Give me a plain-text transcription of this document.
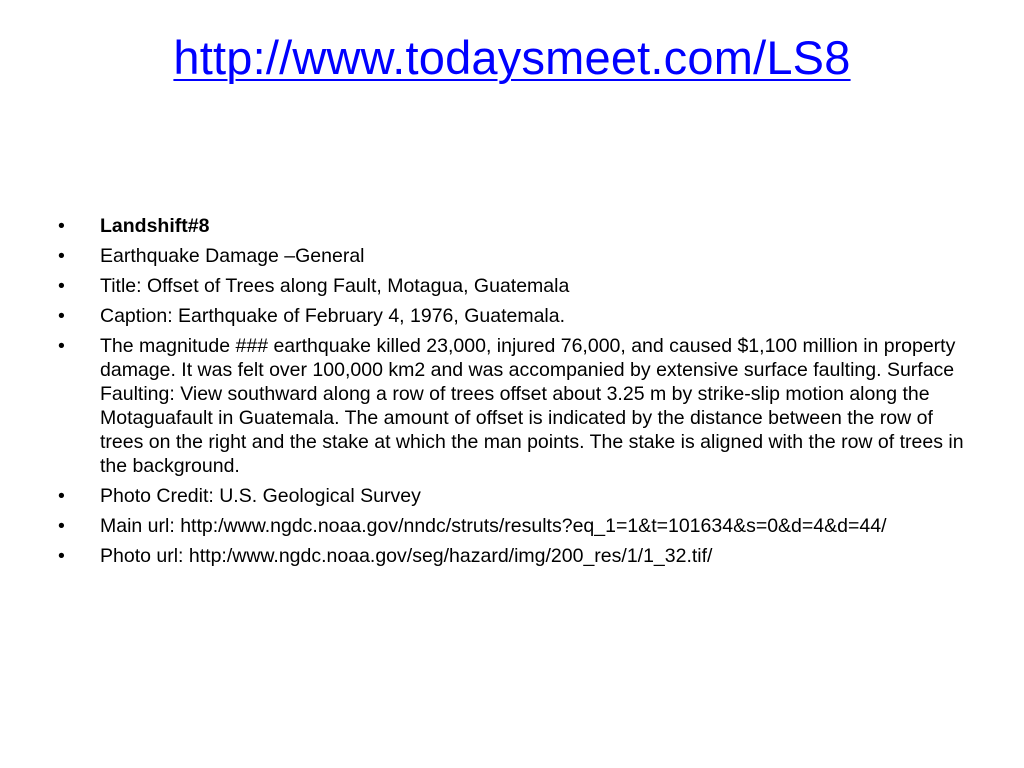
http://www.todaysmeet.com/LS8
•	Landshift#8
•	Earthquake Damage –General
•	Title: Offset of Trees along Fault, Motagua, Guatemala
•	Caption: Earthquake of February 4, 1976, Guatemala.
•	The magnitude ### earthquake killed 23,000, injured 76,000, and caused $1,100 million in property damage. It was felt over 100,000 km2 and was accompanied by extensive surface faulting. Surface Faulting: View southward along a row of trees offset about 3.25 m by strike-slip motion along the Motaguafault in Guatemala. The amount of offset is indicated by the distance between the row of trees on the right and the stake at which the man points. The stake is aligned with the row of trees in the background.
•	Photo Credit: U.S. Geological Survey
•	Main url: http:/www.ngdc.noaa.gov/nndc/struts/results?eq_1=1&t=101634&s=0&d=4&d=44/
•	Photo url: http:/www.ngdc.noaa.gov/seg/hazard/img/200_res/1/1_32.tif/
